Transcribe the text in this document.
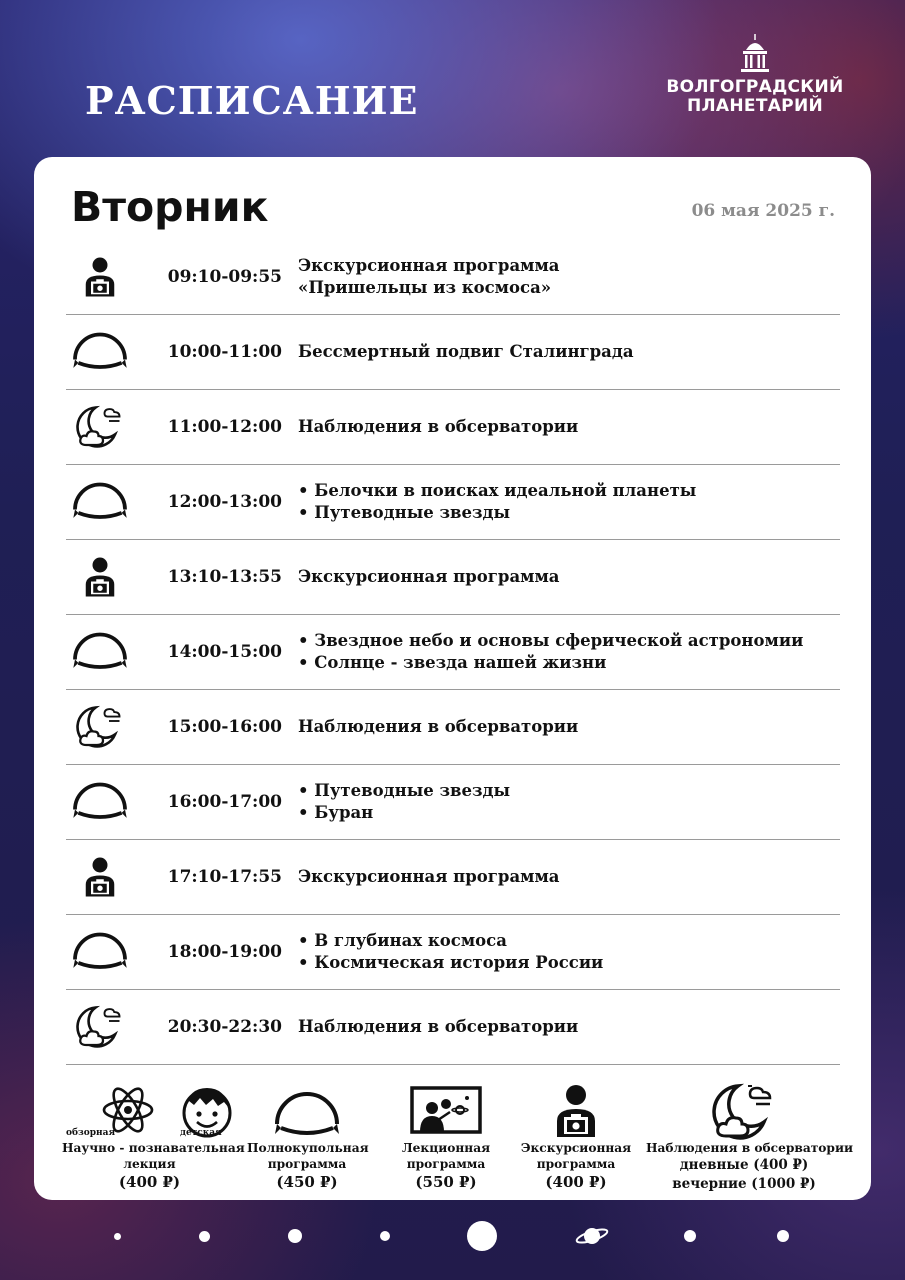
РАСПИСАНИЕ	ВОЛГОГРАДСКИЙ
ПЛАНЕТАРИЙ
Вторник	06 мая 2025 г.
09:10-09:55
Экскурсионная программа
«Пришельцы из космоса»
10:00-11:00 Бессмертный подвиг Сталинграда
11:00-12:00 Наблюдения в обсерватории
12:00-13:00
• Белочки в поисках идеальной планеты
• Путеводные звезды
13:10-13:55 Экскурсионная программа
14:00-15:00
• Звездное небо и основы сферической астрономии
• Солнце - звезда нашей жизни
15:00-16:00 Наблюдения в обсерватории
16:00-17:00
• Путеводные звезды
• Буран
17:10-17:55 Экскурсионная программа
18:00-19:00
• В глубинах космоса
• Космическая история России
20:30-22:30 Наблюдения в обсерватории
обзорная	детская
Научно - познавательная
лекция
(400 ₽)
Полнокупольная
программа
(450 ₽)
Лекционная
программа
(550 ₽)
Экскурсионная
программа
(400 ₽)
Наблюдения в обсерватории
дневные (400 ₽)
вечерние (1000 ₽)
